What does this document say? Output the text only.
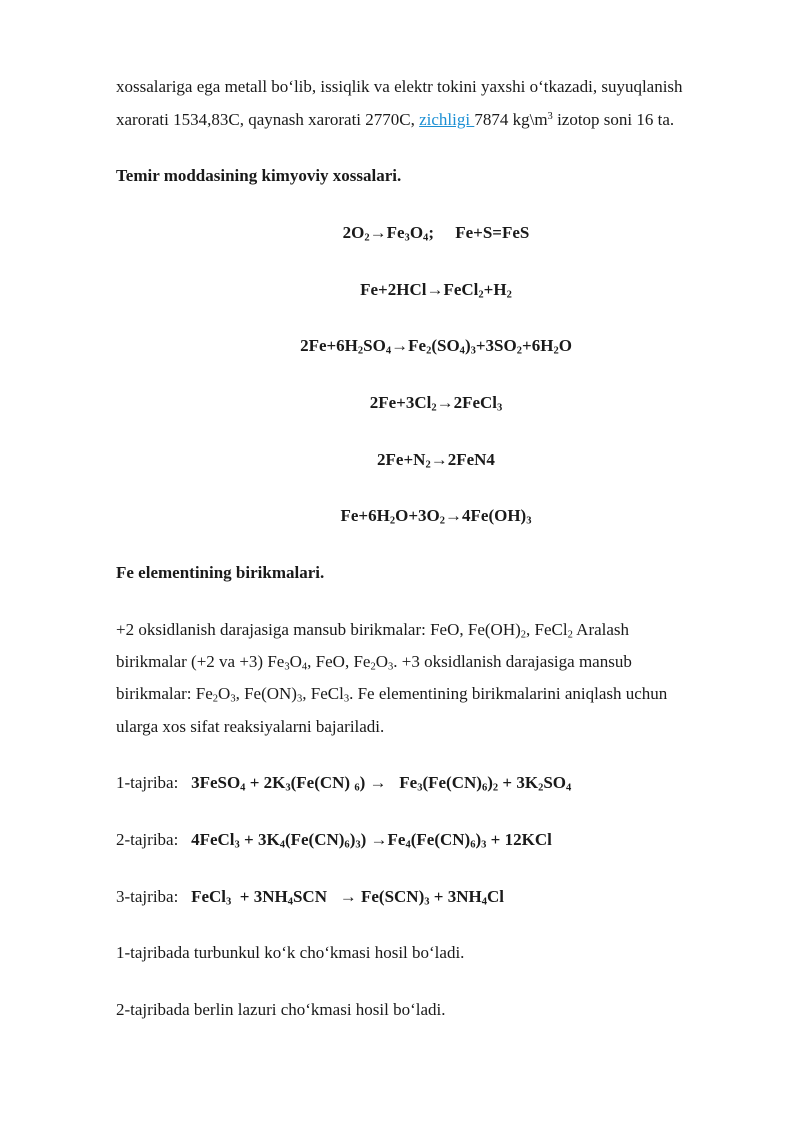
xossalariga ega metall bo‘lib, issiqlik va elektr tokini yaxshi o‘tkazadi, suyuqlanish
xarorati 1534,83C, qaynash xarorati 2770C, zichligi 7874 $kg\backslash m^3$ izotop soni 16 ta.
Temir moddasining kimyoviy xossalari.
$2O_2\to Fe_3O_4$;     Fe+S=FeS
$Fe+2HCl\to FeCl_2+H_2$
$2Fe+6H_2SO_4\to Fe_2(SO_4)_3+3SO_2+6H_2O$
$2Fe+3Cl_2\to 2FeCl_3$
$2Fe+N_2\to 2FeN4$
$Fe+6H_2O+3O_2\to 4Fe(OH)_3$
Fe elementining birikmalari.
+2 oksidlanish darajasiga mansub birikmalar: FeO, $Fe(OH)_2$, FeCl$_2$ Aralash
birikmalar (+2 va +3) $Fe_3O_4$, FeO, $Fe_2O_3$. +3 oksidlanish darajasiga mansub
birikmalar: $Fe_2O_3$, $Fe(ON)_3$, FeCl$_3$. Fe elementining birikmalarini aniqlash uchun
ularga xos sifat reaksiyalarni bajariladi.
1-tajriba: 3FeSO$_4$ + $2K_3(Fe(CN) _6) \to Fe_3(Fe(CN)_6)_2 + 3K_2SO_4$
2-tajriba: 4FeCl$_3$ + $3K_4(Fe(CN)_6)_3) \to Fe_4(Fe(CN)_6)_3 + 12KCl$
3-tajriba: FeCl$_3$  + $3NH_4SCN \to Fe(SCN)_3 + 3NH_4Cl$
1-tajribada turbunkul ko‘k cho‘kmasi hosil bo‘ladi.
2-tajribada berlin lazuri cho‘kmasi hosil bo‘ladi.
